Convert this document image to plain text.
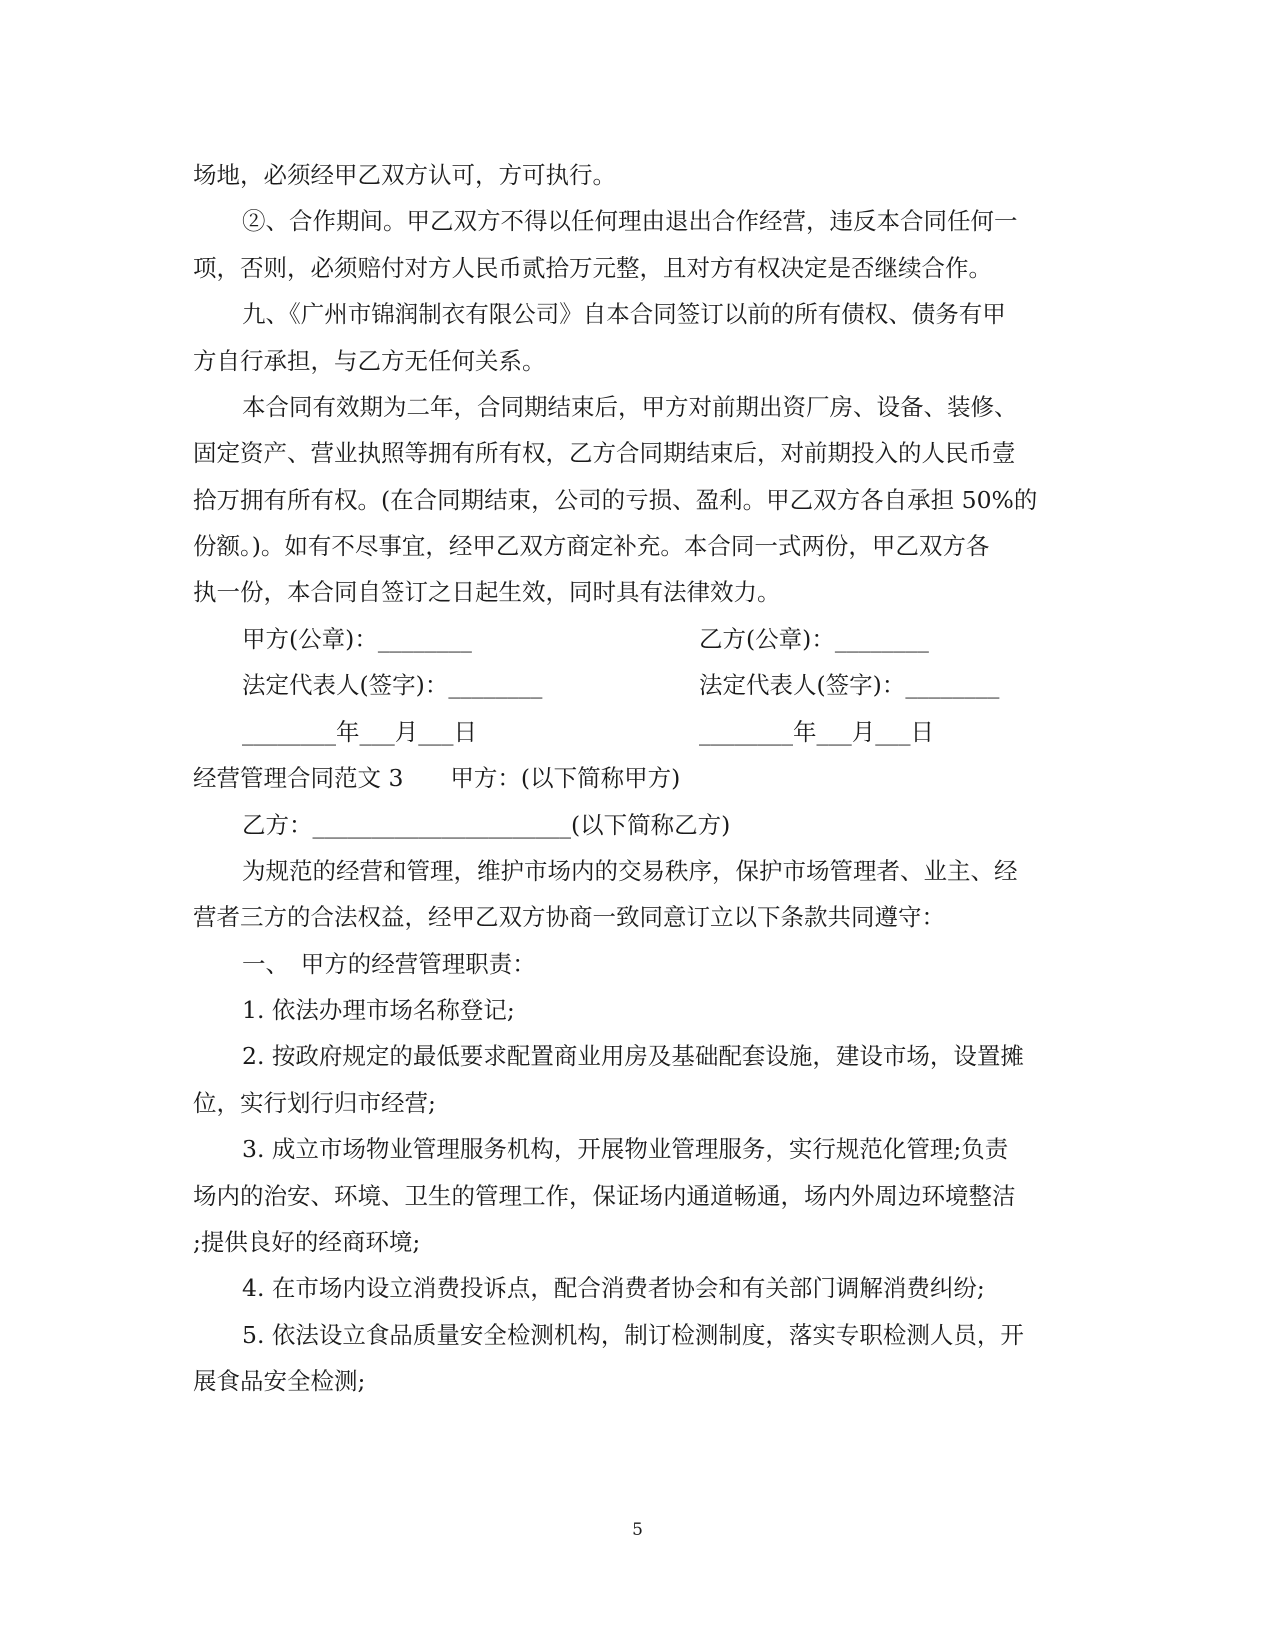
场地，必须经甲乙双方认可，方可执行。
②、合作期间。甲乙双方不得以任何理由退出合作经营，违反本合同任何一
项，否则，必须赔付对方人民币贰拾万元整，且对方有权决定是否继续合作。
九、《广州市锦润制衣有限公司》自本合同签订以前的所有债权、债务有甲
方自行承担，与乙方无任何关系。
本合同有效期为二年，合同期结束后，甲方对前期出资厂房、设备、装修、
固定资产、营业执照等拥有所有权，乙方合同期结束后，对前期投入的人民币壹
拾万拥有所有权。(在合同期结束，公司的亏损、盈利。甲乙双方各自承担 50%的
份额。)。如有不尽事宜，经甲乙双方商定补充。本合同一式两份，甲乙双方各
执一份，本合同自签订之日起生效，同时具有法律效力。
甲方(公章)：________	乙方(公章)：________
法定代表人(签字)：________	法定代表人(签字)：________
________年___月___日	________年___月___日
经营管理合同范文 3　　甲方：(以下简称甲方)
乙方：______________________(以下简称乙方)
为规范的经营和管理，维护市场内的交易秩序，保护市场管理者、业主、经
营者三方的合法权益，经甲乙双方协商一致同意订立以下条款共同遵守：
一、　甲方的经营管理职责：
1. 依法办理市场名称登记;
2. 按政府规定的最低要求配置商业用房及基础配套设施，建设市场，设置摊
位，实行划行归市经营;
3. 成立市场物业管理服务机构，开展物业管理服务，实行规范化管理;负责
场内的治安、环境、卫生的管理工作，保证场内通道畅通，场内外周边环境整洁
;提供良好的经商环境;
4. 在市场内设立消费投诉点，配合消费者协会和有关部门调解消费纠纷;
5. 依法设立食品质量安全检测机构，制订检测制度，落实专职检测人员，开
展食品安全检测;
5
